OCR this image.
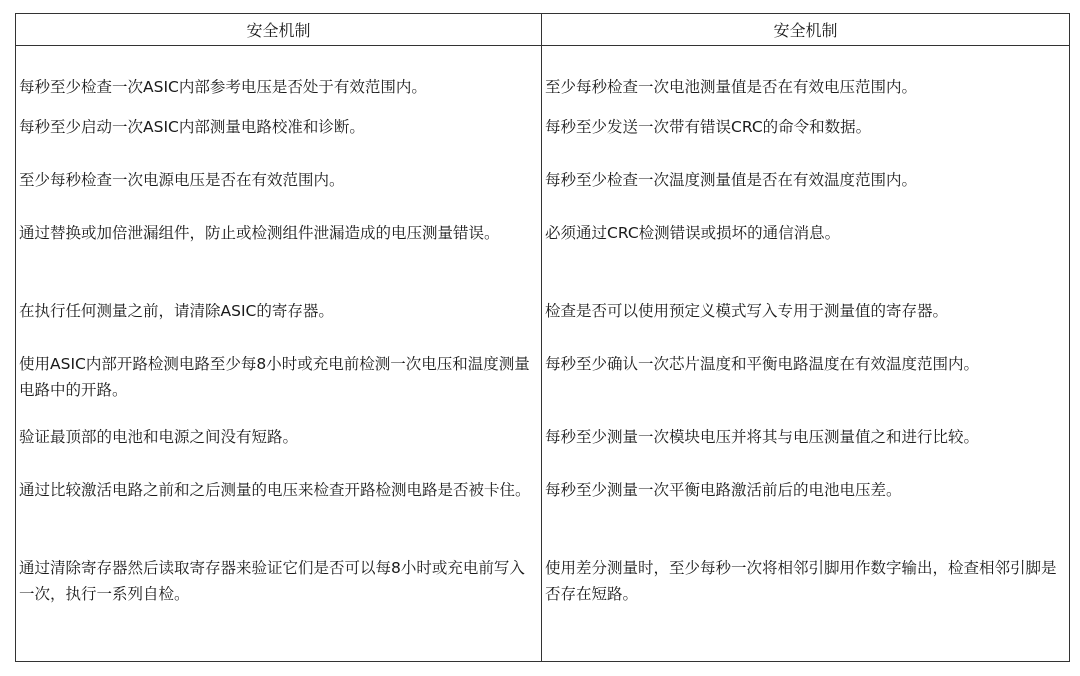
安全机制	安全机制

每秒至少检查一次ASIC内部参考电压是否处于有效范围内。	至少每秒检查一次电池测量值是否在有效电压范围内。

每秒至少启动一次ASIC内部测量电路校准和诊断。	每秒至少发送一次带有错误CRC的命令和数据。

至少每秒检查一次电源电压是否在有效范围内。	每秒至少检查一次温度测量值是否在有效温度范围内。

通过替换或加倍泄漏组件，防止或检测组件泄漏造成的电压测量错误。	必须通过CRC检测错误或损坏的通信消息。

在执行任何测量之前，请清除ASIC的寄存器。	检查是否可以使用预定义模式写入专用于测量值的寄存器。

使用ASIC内部开路检测电路至少每8小时或充电前检测一次电压和温度测量电路中的开路。	每秒至少确认一次芯片温度和平衡电路温度在有效温度范围内。

验证最顶部的电池和电源之间没有短路。	每秒至少测量一次模块电压并将其与电压测量值之和进行比较。

通过比较激活电路之前和之后测量的电压来检查开路检测电路是否被卡住。	每秒至少测量一次平衡电路激活前后的电池电压差。

通过清除寄存器然后读取寄存器来验证它们是否可以每8小时或充电前写入一次，执行一系列自检。	使用差分测量时，至少每秒一次将相邻引脚用作数字输出，检查相邻引脚是否存在短路。
